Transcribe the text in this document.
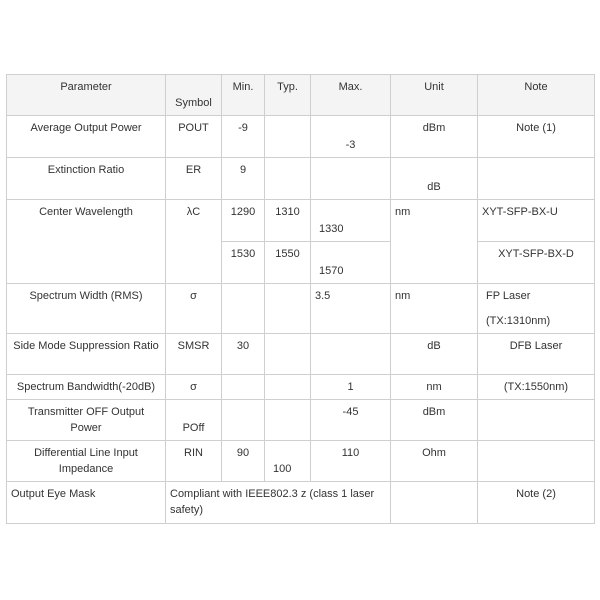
Parameter	Symbol	Min.	Typ.	Max.	Unit	Note
Average Output Power	POUT	-9		-3	dBm	Note (1)
Extinction Ratio	ER	9			dB	
Center Wavelength	λC	1290	1310	1330	nm	XYT-SFP-BX-U
		1530	1550	1570		XYT-SFP-BX-D
Spectrum Width (RMS)	σ			3.5	nm	FP Laser
(TX:1310nm)

Side Mode Suppression Ratio	SMSR	30			dB	DFB Laser
Spectrum Bandwidth(-20dB)	σ			1	nm	(TX:1550nm)
Transmitter OFF Output Power	POff			-45	dBm	
Differential Line Input Impedance	RIN	90	100	110	Ohm	
Output Eye Mask	Compliant with IEEE802.3 z (class 1 laser safety)					Note (2)
